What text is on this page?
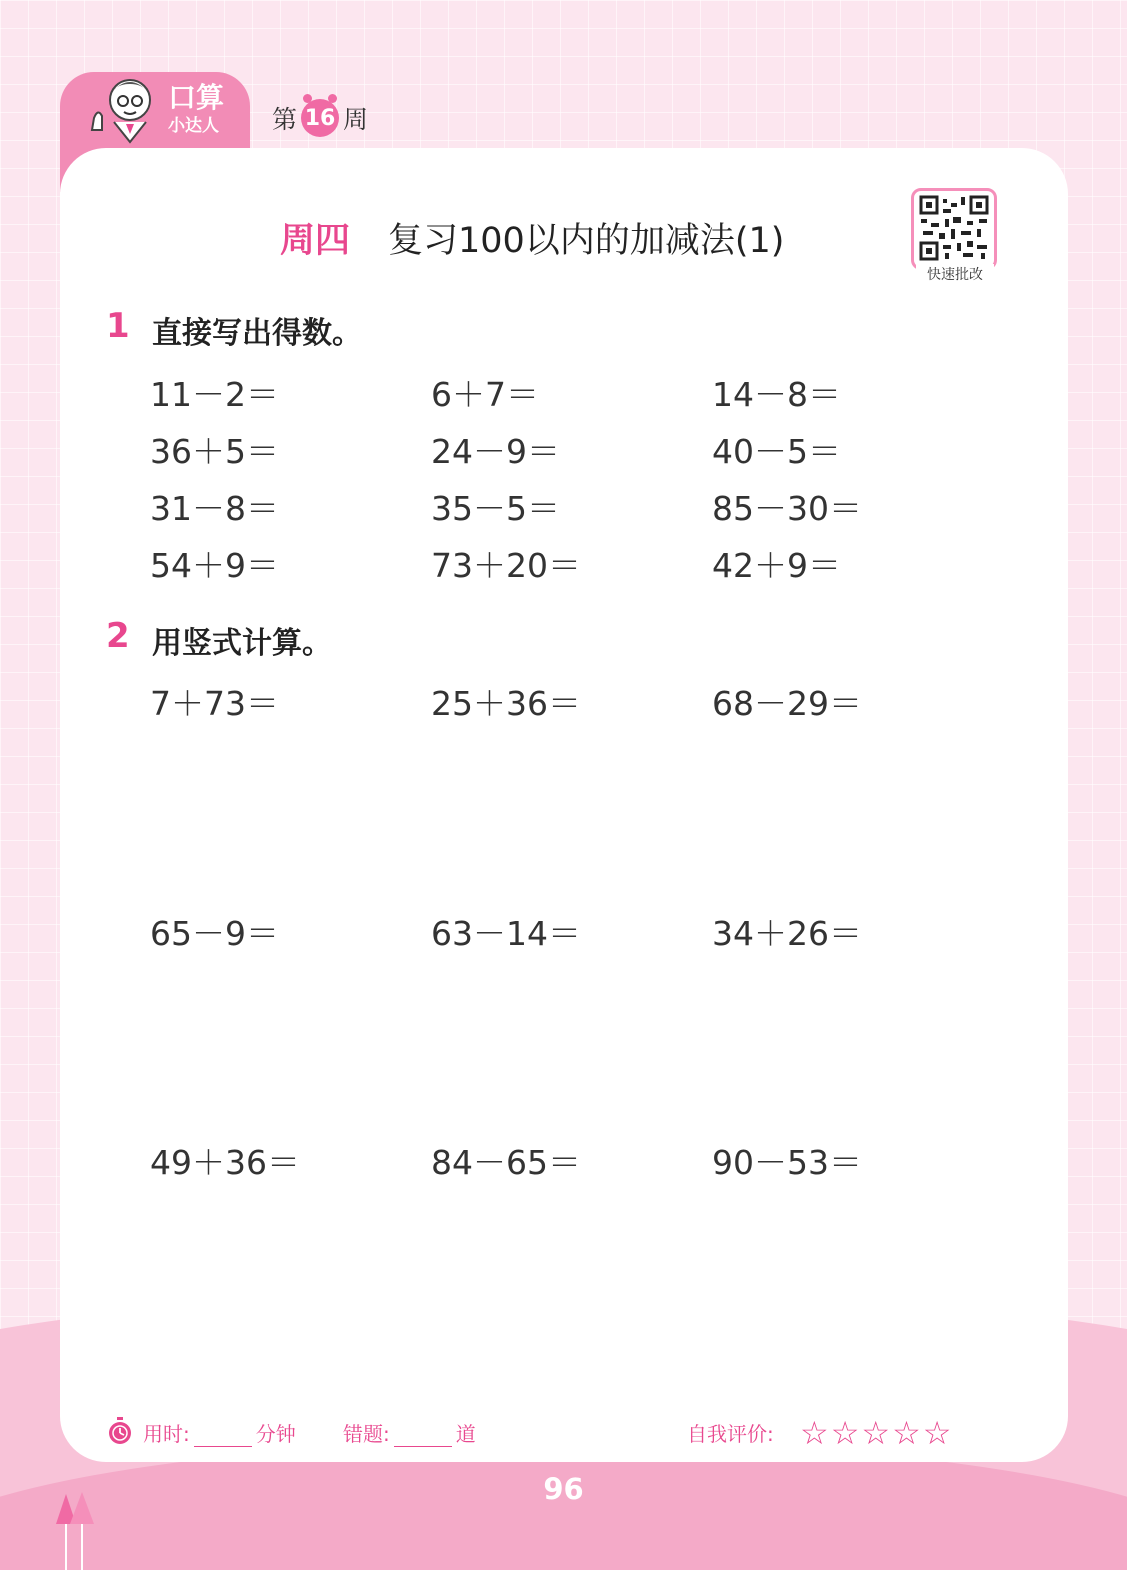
口算
小达人 第 16 周
周四 复习100以内的加减法(1)
快速批改
1 直接写出得数。
11－2＝	6＋7＝	14－8＝
36＋5＝	24－9＝	40－5＝
31－8＝	35－5＝	85－30＝
54＋9＝	73＋20＝	42＋9＝
2 用竖式计算。
7＋73＝	25＋36＝	68－29＝
65－9＝	63－14＝	34＋26＝
49＋36＝	84－65＝	90－53＝
用时:	分钟 错题:	道	自我评价: ☆☆☆☆☆
96
